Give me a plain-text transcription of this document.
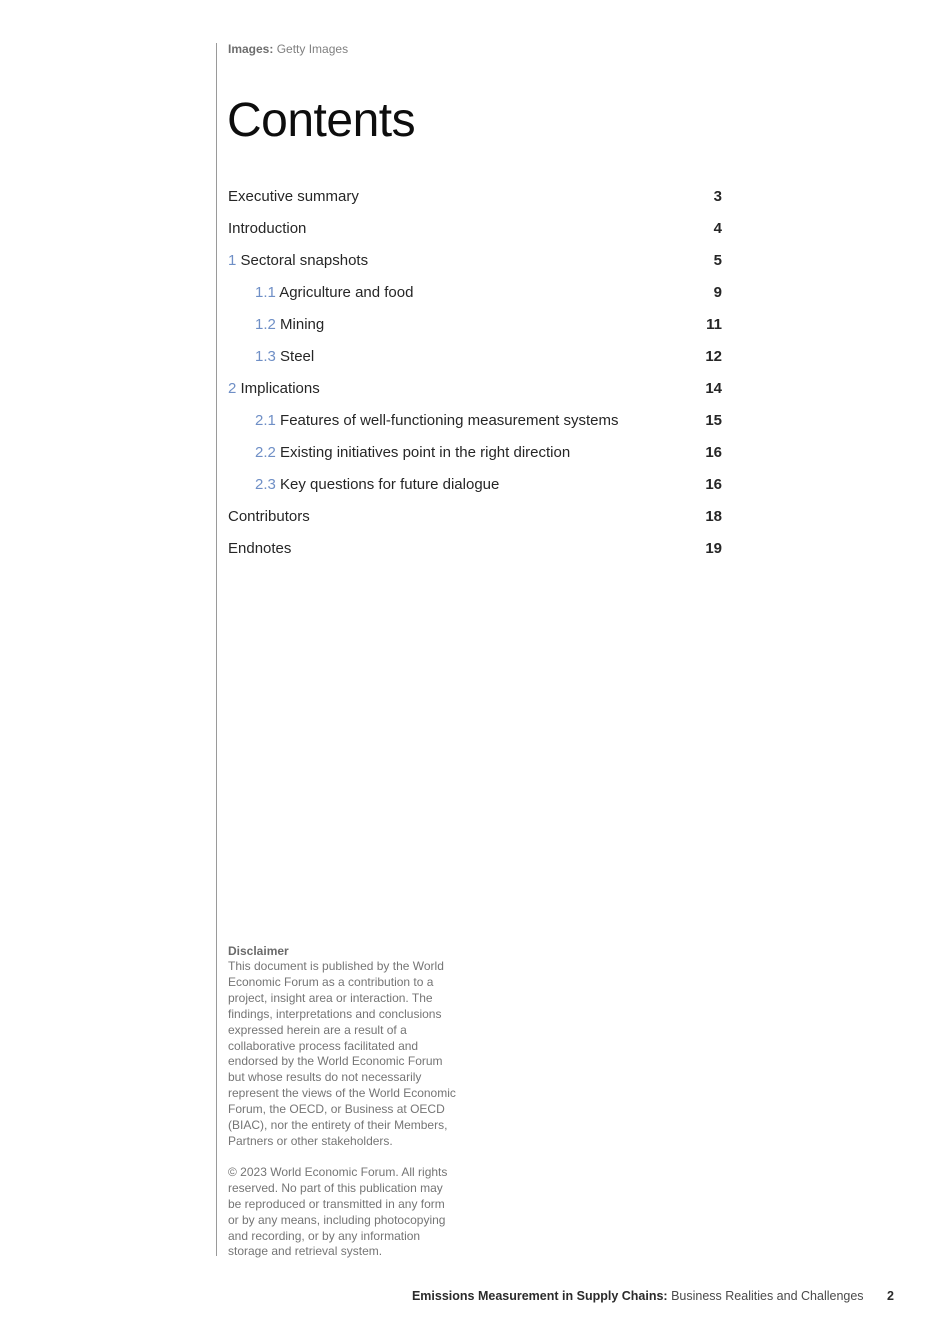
Images: Getty Images
Contents
Executive summary	3
Introduction	4
1 Sectoral snapshots	5
1.1 Agriculture and food	9
1.2 Mining	11
1.3 Steel	12
2 Implications	14
2.1 Features of well-functioning measurement systems	15
2.2 Existing initiatives point in the right direction	16
2.3 Key questions for future dialogue	16
Contributors	18
Endnotes	19
Disclaimer

This document is published by the World Economic Forum as a contribution to a project, insight area or interaction. The findings, interpretations and conclusions expressed herein are a result of a collaborative process facilitated and endorsed by the World Economic Forum but whose results do not necessarily represent the views of the World Economic Forum, the OECD, or Business at OECD (BIAC), nor the entirety of their Members, Partners or other stakeholders.

© 2023 World Economic Forum. All rights reserved. No part of this publication may be reproduced or transmitted in any form or by any means, including photocopying and recording, or by any information storage and retrieval system.

Emissions Measurement in Supply Chains: Business Realities and Challenges 2
